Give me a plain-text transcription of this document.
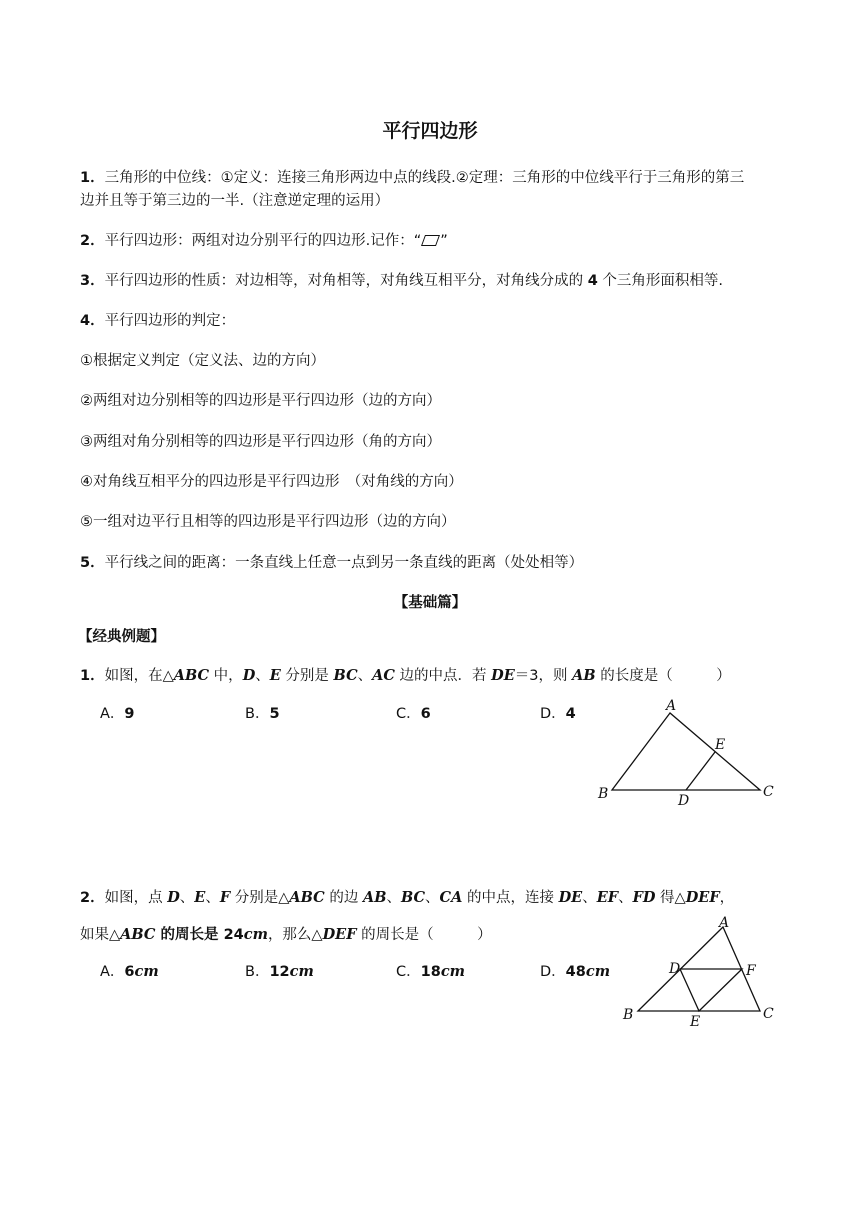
平行四边形
1．三角形的中位线：①定义：连接三角形两边中点的线段.②定理：三角形的中位线平行于三角形的第三
边并且等于第三边的一半.（注意逆定理的运用）
2．平行四边形：两组对边分别平行的四边形.记作：“ ”
3．平行四边形的性质：对边相等，对角相等，对角线互相平分，对角线分成的 4 个三角形面积相等.
4．平行四边形的判定：
①根据定义判定（定义法、边的方向）
②两组对边分别相等的四边形是平行四边形（边的方向）
③两组对角分别相等的四边形是平行四边形（角的方向）
④对角线互相平分的四边形是平行四边形　（对角线的方向）
⑤一组对边平行且相等的四边形是平行四边形（边的方向）
5．平行线之间的距离：一条直线上任意一点到另一条直线的距离（处处相等）
【基础篇】
【经典例题】
1．如图，在△ABC 中，D、E 分别是 BC、AC 边的中点．若 DE＝3，则 AB 的长度是（　　　）
A．9	B．5	C．6	D．4	A
B	C
D
E
2．如图，点 D、E、F 分别是△ABC 的边 AB、BC、CA 的中点，连接 DE、EF、FD 得△DEF，
如果△ABC 的周长是 24cm，那么△DEF 的周长是（　　　）
A．6cm	B．12cm	C．18cm	D．48cm
A
B	C
D
E
F
